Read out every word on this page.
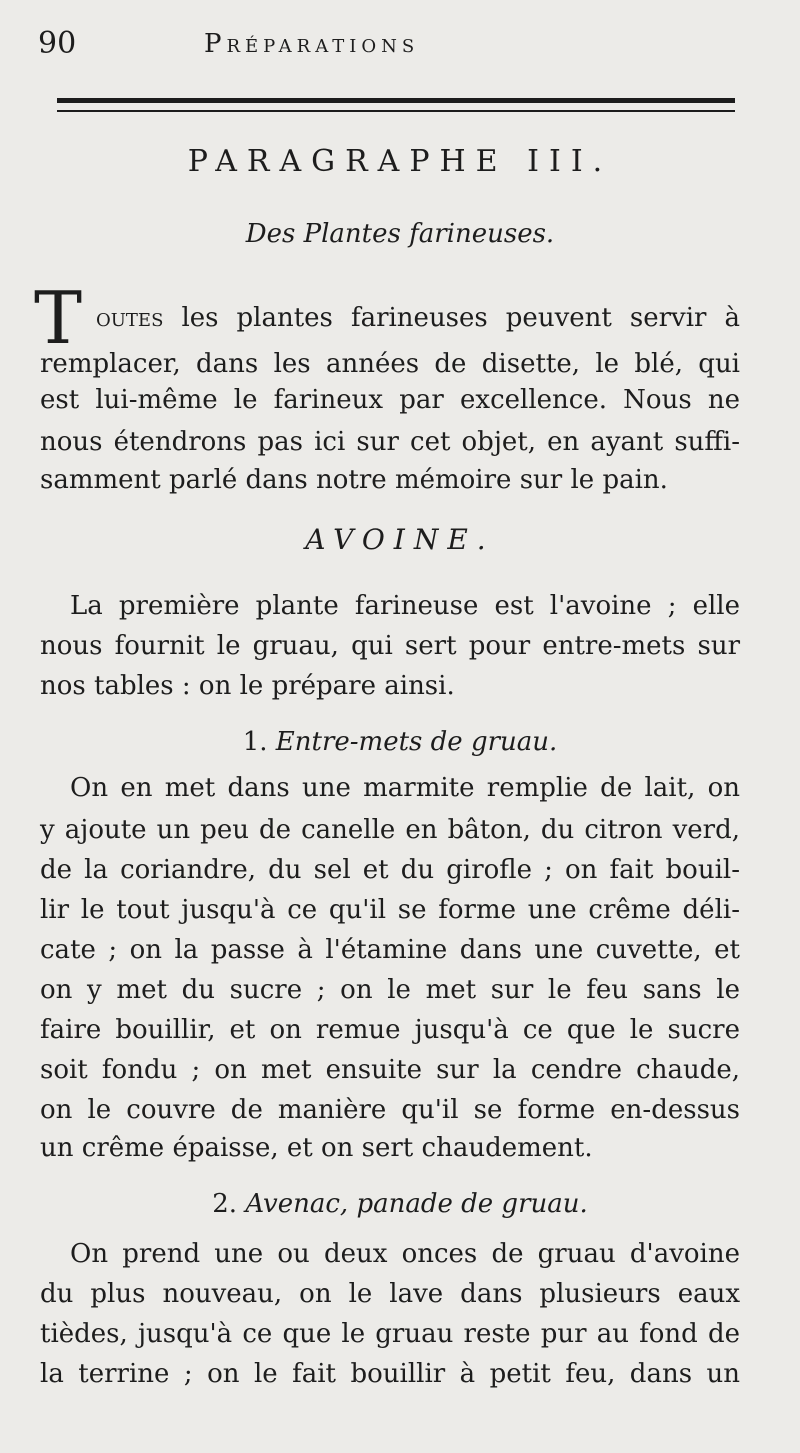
90	Préparations
PARAGRAPHE III.
Des Plantes farineuses.
T outes les plantes farineuses peuvent servir à
remplacer, dans les années de disette, le blé, qui
est lui-même le farineux par excellence. Nous ne
nous étendrons pas ici sur cet objet, en ayant suffi-
samment parlé dans notre mémoire sur le pain.
AVOINE.
La première plante farineuse est l'avoine ; elle
nous fournit le gruau, qui sert pour entre-mets sur
nos tables : on le prépare ainsi.
1. Entre-mets de gruau.
On en met dans une marmite remplie de lait, on
y ajoute un peu de canelle en bâton, du citron verd,
de la coriandre, du sel et du girofle ; on fait bouil-
lir le tout jusqu'à ce qu'il se forme une crême déli-
cate ; on la passe à l'étamine dans une cuvette, et
on y met du sucre ; on le met sur le feu sans le
faire bouillir, et on remue jusqu'à ce que le sucre
soit fondu ; on met ensuite sur la cendre chaude,
on le couvre de manière qu'il se forme en-dessus
un crême épaisse, et on sert chaudement.
2. Avenac, panade de gruau.
On prend une ou deux onces de gruau d'avoine
du plus nouveau, on le lave dans plusieurs eaux
tièdes, jusqu'à ce que le gruau reste pur au fond de
la terrine ; on le fait bouillir à petit feu, dans un
